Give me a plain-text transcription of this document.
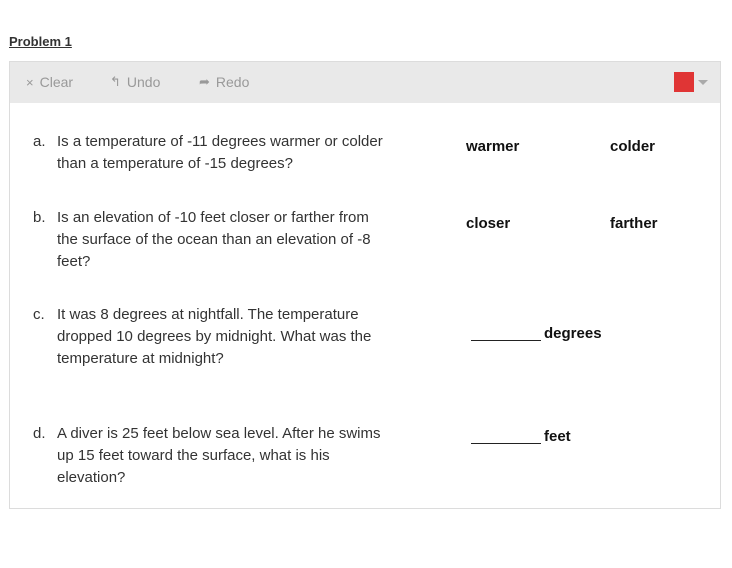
Problem 1
× Clear	↰ Undo	➦ Redo
a. Is a temperature of -11 degrees warmer or colder than a temperature of -15 degrees?
warmer	colder
b. Is an elevation of -10 feet closer or farther from the surface of the ocean than an elevation of -8 feet?
closer	farther
c. It was 8 degrees at nightfall. The temperature dropped 10 degrees by midnight. What was the temperature at midnight?
degrees
d. A diver is 25 feet below sea level. After he swims up 15 feet toward the surface, what is his elevation?
feet
